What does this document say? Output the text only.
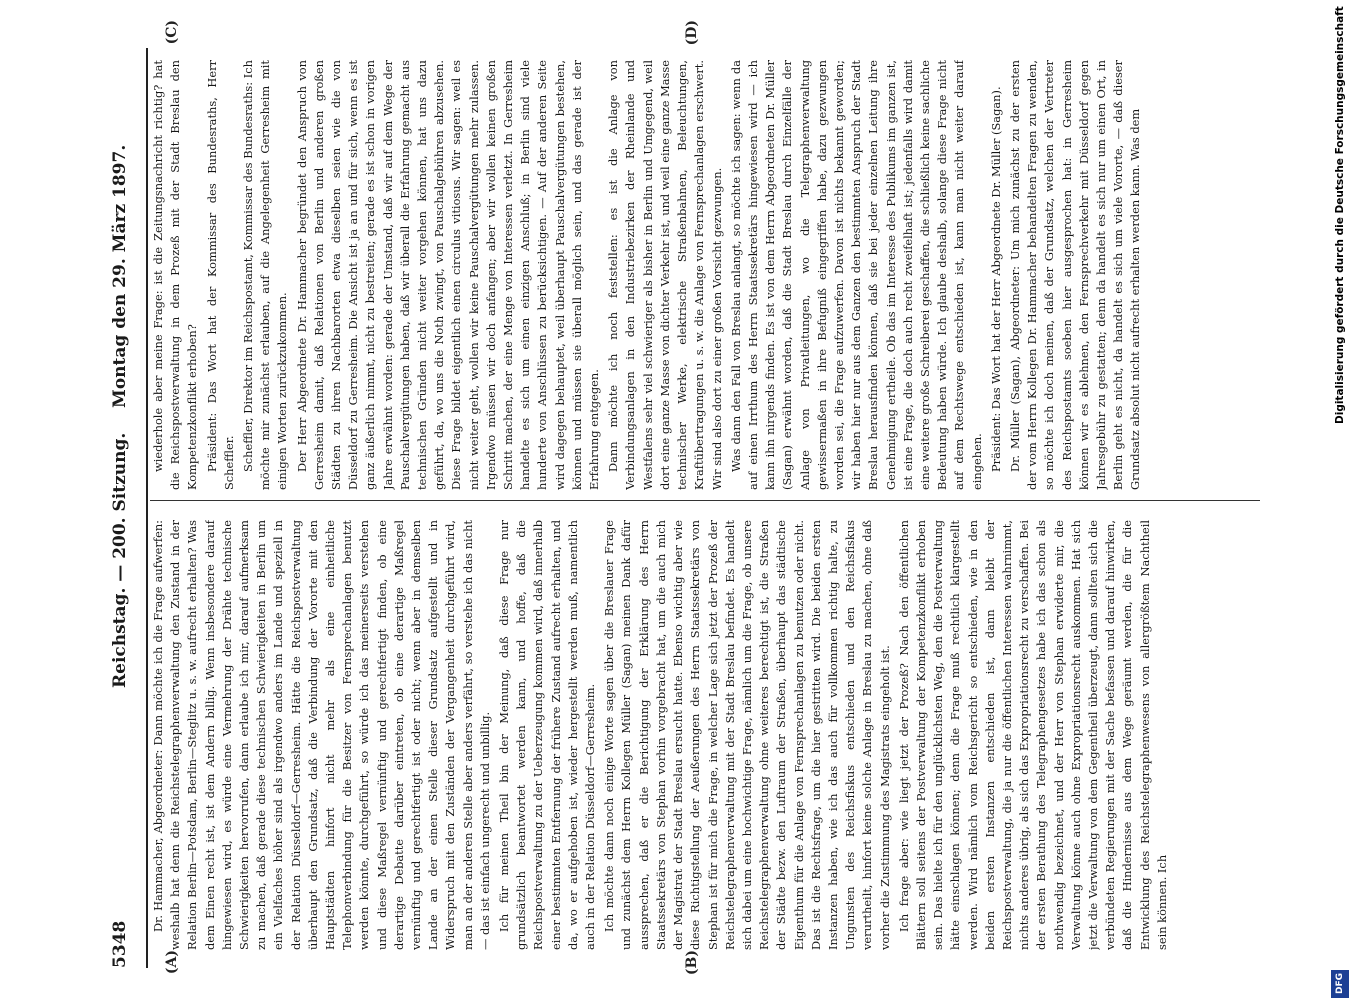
5348
Reichstag. — 200. Sitzung.
Montag den 29. März 1897.

Dr. Hammacher, Abgeordneter: Dann möchte ich die Frage aufwerfen: weshalb hat denn die Reichstelegraphenverwaltung den Zustand in der Relation Berlin—Potsdam, Berlin—Steglitz u. s. w. aufrecht erhalten? Was dem Einen recht ist, ist dem Andern billig. Wenn insbesondere darauf hingewiesen wird, es würde eine Vermehrung der Drähte technische Schwierigkeiten hervorrufen, dann erlaube ich mir, darauf aufmerksam zu machen, daß gerade diese technischen Schwierigkeiten in Berlin um ein Vielfaches höher sind als irgendwo anders im Lande und speziell in der Relation Düsseldorf—Gerresheim. Hätte die Reichspostverwaltung überhaupt den Grundsatz, daß die Verbindung der Vororte mit den Hauptstädten hinfort nicht mehr als eine einheitliche Telephonverbindung für die Besitzer von Fernsprechanlagen benutzt werden könnte, durchgeführt, so würde ich das meinerseits verstehen und diese Maßregel vernünftig und gerechtfertigt finden, ob eine derartige Debatte darüber eintreten, ob eine derartige Maßregel vernünftig und gerechtfertigt ist oder nicht; wenn aber in demselben Lande an der einen Stelle dieser Grundsatz aufgestellt und in Widerspruch mit den Zuständen der Vergangenheit durchgeführt wird, man an der anderen Stelle aber anders verfährt, so verstehe ich das nicht — das ist einfach ungerecht und unbillig. Ich für meinen Theil bin der Meinung, daß diese Frage nur grundsätzlich beantwortet werden kann, und hoffe, daß die Reichspostverwaltung zu der Ueberzeugung kommen wird, daß innerhalb einer bestimmten Entfernung der frühere Zustand aufrecht erhalten, und da, wo er aufgehoben ist, wieder hergestellt werden muß, namentlich auch in der Relation Düsseldorf—Gerresheim. Ich möchte dann noch einige Worte sagen über die Breslauer Frage und zunächst dem Herrn Kollegen Müller (Sagan) meinen Dank dafür aussprechen, daß er die Berichtigung der Erklärung des Herrn Staatssekretärs von Stephan vorhin vorgebracht hat, um die auch mich der Magistrat der Stadt Breslau ersucht hatte. Ebenso wichtig aber wie diese Richtigstellung der Aeußerungen des Herrn Staatssekretärs von Stephan ist für mich die Frage, in welcher Lage sich jetzt der Prozeß der Reichstelegraphenverwaltung mit der Stadt Breslau befindet. Es handelt sich dabei um eine hochwichtige Frage, nämlich um die Frage, ob unsere Reichstelegraphenverwaltung ohne weiteres berechtigt ist, die Straßen der Städte bezw. den Luftraum der Straßen, überhaupt das städtische Eigenthum für die Anlage von Fernsprechanlagen zu benutzen oder nicht. Das ist die Rechtsfrage, um die hier gestritten wird. Die beiden ersten Instanzen haben, wie ich das auch für vollkommen richtig halte, zu Ungunsten des Reichsfiskus entschieden und den Reichsfiskus verurtheilt, hinfort keine solche Anlage in Breslau zu machen, ohne daß vorher die Zustimmung des Magistrats eingeholt ist. Ich frage aber: wie liegt jetzt der Prozeß? Nach den öffentlichen Blättern soll seitens der Postverwaltung der Kompetenzkonflikt erhoben sein. Das hielte ich für den unglücklichsten Weg, den die Postverwaltung hätte einschlagen können; denn die Frage muß rechtlich klargestellt werden. Wird nämlich vom Reichsgericht so entschieden, wie in den beiden ersten Instanzen entschieden ist, dann bleibt der Reichspostverwaltung, die ja nur die öffentlichen Interessen wahrnimmt, nichts anderes übrig, als sich das Expropriationsrecht zu verschaffen. Bei der ersten Berathung des Telegraphengesetzes habe ich das schon als nothwendig bezeichnet, und der Herr von Stephan erwiderte mir, die Verwaltung könne auch ohne Expropriationsrecht auskommen. Hat sich jetzt die Verwaltung von dem Gegentheil überzeugt, dann sollten sich die verbündeten Regierungen mit der Sache befassen und darauf hinwirken, daß die Hindernisse aus dem Wege geräumt werden, die für die Entwicklung des Reichstelegraphenwesens von allergrößtem Nachtheil sein können. Ich

wiederhole aber meine Frage: ist die Zeitungsnachricht richtig? hat die Reichspostverwaltung in dem Prozeß mit der Stadt Breslau den Kompetenzkonflikt erhoben? Präsident: Das Wort hat der Kommissar des Bundesraths, Herr Scheffler. Scheffler, Direktor im Reichspostamt, Kommissar des Bundesraths: Ich möchte mir zunächst erlauben, auf die Angelegenheit Gerresheim mit einigen Worten zurückzukommen. Der Herr Abgeordnete Dr. Hammacher begründet den Anspruch von Gerresheim damit, daß Relationen von Berlin und anderen großen Städten zu ihren Nachbarorten etwa dieselben seien wie die von Düsseldorf zu Gerresheim. Die Ansicht ist ja an und für sich, wenn es ist ganz äußerlich nimmt, nicht zu bestreiten; gerade es ist schon in vorigen Jahre erwähnt worden: gerade der Umstand, daß wir auf dem Wege der Pauschalvergütungen haben, daß wir überall die Erfahrung gemacht aus technischen Gründen nicht weiter vorgehen können, hat uns dazu geführt, da, wo uns die Noth zwingt, von Pauschalgebühren abzusehen. Diese Frage bildet eigentlich einen circulus vitiosus. Wir sagen: weil es nicht weiter geht, wollen wir keine Pauschalvergütungen mehr zulassen. Irgendwo müssen wir doch anfangen; aber wir wollen keinen großen Schritt machen, der eine Menge von Interessen verletzt. In Gerresheim handelte es sich um einen einzigen Anschluß; in Berlin sind viele hunderte von Anschlüssen zu berücksichtigen. — Auf der anderen Seite wird dagegen behauptet, weil überhaupt Pauschalvergütungen bestehen, können und müssen sie überall möglich sein, und das gerade ist der Erfahrung entgegen. Dann möchte ich noch feststellen: es ist die Anlage von Verbindungsanlagen in den Industriebezirken der Rheinlande und Westfalens sehr viel schwieriger als bisher in Berlin und Umgegend, weil dort eine ganze Masse von dichter Verkehr ist, und weil eine ganze Masse technischer Werke, elektrische Straßenbahnen, Beleuchtungen, Kraftübertragungen u. s. w. die Anlage von Fernsprechanlagen erschwert. Wir sind also dort zu einer großen Vorsicht gezwungen. Was dann den Fall von Breslau anlangt, so möchte ich sagen: wenn da auf einen Irrthum des Herrn Staatssekretärs hingewiesen wird — ich kann ihn nirgends finden. Es ist von dem Herrn Abgeordneten Dr. Müller (Sagan) erwähnt worden, daß die Stadt Breslau durch Einzelfälle der Anlage von Privatleitungen, wo die Telegraphenverwaltung gewissermaßen in ihre Befugniß eingegriffen habe, dazu gezwungen worden sei, die Frage aufzuwerfen. Davon ist nichts bekannt geworden; wir haben hier nur aus dem Ganzen den bestimmten Anspruch der Stadt Breslau herausfinden können, daß sie bei jeder einzelnen Leitung ihre Genehmigung ertheile. Ob das im Interesse des Publikums im ganzen ist, ist eine Frage, die doch auch recht zweifelhaft ist; jedenfalls wird damit eine weitere große Schreiberei geschaffen, die schließlich keine sachliche Bedeutung haben würde. Ich glaube deshalb, solange diese Frage nicht auf dem Rechtswege entschieden ist, kann man nicht weiter darauf eingehen. Präsident: Das Wort hat der Herr Abgeordnete Dr. Müller (Sagan). Dr. Müller (Sagan), Abgeordneter: Um mich zunächst zu der ersten der vom Herrn Kollegen Dr. Hammacher behandelten Fragen zu wenden, so möchte ich doch meinen, daß der Grundsatz, welchen der Vertreter des Reichspostamts soeben hier ausgesprochen hat: in Gerresheim können wir es ablehnen, den Fernsprechverkehr mit Düsseldorf gegen Jahresgebühr zu gestatten; denn da handelt es sich nur um einen Ort, in Berlin geht es nicht, da handelt es sich um viele Vororte, — daß dieser Grundsatz absolut nicht aufrecht erhalten werden kann. Was dem

(A)	(B)
(C)	(D)	Digitalisierung gefördert durch die Deutsche Forschungsgemeinschaft
DFG
